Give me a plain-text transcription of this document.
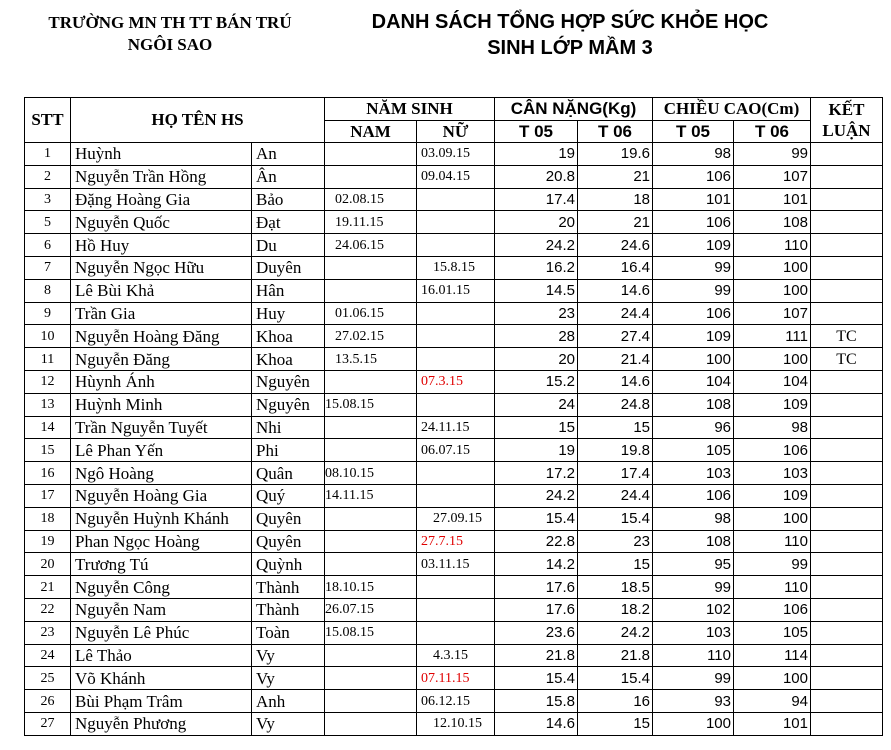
TRƯỜNG MN TH TT BÁN TRÚ
NGÔI SAO
DANH SÁCH TỔNG HỢP SỨC KHỎE HỌC
SINH LỚP MẦM 3
STT	HỌ TÊN HS		NĂM SINH		CÂN NẶNG(Kg)		CHIỀU CAO(Cm)		KẾT
LUẬN

			NAM	NỮ	T 05	T 06	T 05	T 06	
1	Huỳnh	An		03.09.15	19	19.6	98	99	
2	Nguyễn Trần Hồng	Ân		09.04.15	20.8	21	106	107	
3	Đặng Hoàng Gia	Bảo	02.08.15		17.4	18	101	101	
5	Nguyễn Quốc	Đạt	19.11.15		20	21	106	108	
6	Hồ Huy	Du	24.06.15		24.2	24.6	109	110	
7	Nguyễn Ngọc Hữu	Duyên		15.8.15	16.2	16.4	99	100	
8	Lê Bùi Khả	Hân		16.01.15	14.5	14.6	99	100	
9	Trần Gia	Huy	01.06.15		23	24.4	106	107	
10	Nguyễn Hoàng Đăng	Khoa	27.02.15		28	27.4	109	111	TC
11	Nguyễn Đăng	Khoa	13.5.15		20	21.4	100	100	TC
12	Hùynh Ánh	Nguyên		07.3.15	15.2	14.6	104	104	
13	Huỳnh Minh	Nguyên	15.08.15		24	24.8	108	109	
14	Trần Nguyễn Tuyết	Nhi		24.11.15	15	15	96	98	
15	Lê Phan Yến	Phi		06.07.15	19	19.8	105	106	
16	Ngô Hoàng	Quân	08.10.15		17.2	17.4	103	103	
17	Nguyễn Hoàng Gia	Quý	14.11.15		24.2	24.4	106	109	
18	Nguyễn Huỳnh Khánh	Quyên		27.09.15	15.4	15.4	98	100	
19	Phan Ngọc Hoàng	Quyên		27.7.15	22.8	23	108	110	
20	Trương Tú	Quỳnh		03.11.15	14.2	15	95	99	
21	Nguyễn Công	Thành	18.10.15		17.6	18.5	99	110	
22	Nguyễn Nam	Thành	26.07.15		17.6	18.2	102	106	
23	Nguyễn Lê Phúc	Toàn	15.08.15		23.6	24.2	103	105	
24	Lê Thảo	Vy		4.3.15	21.8	21.8	110	114	
25	Võ Khánh	Vy		07.11.15	15.4	15.4	99	100	
26	Bùi Phạm Trâm	Anh		06.12.15	15.8	16	93	94	
27	Nguyễn Phương	Vy		12.10.15	14.6	15	100	101	
